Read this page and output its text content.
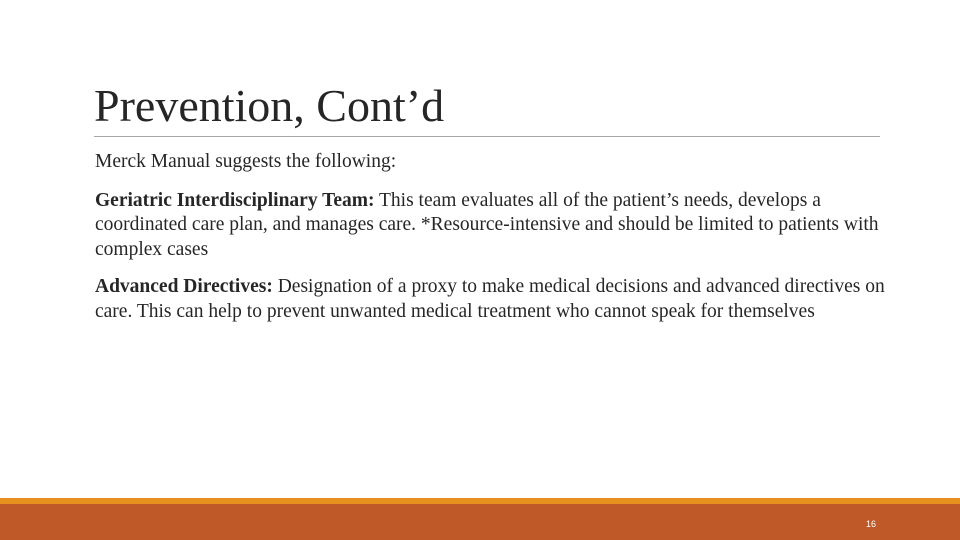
Prevention, Cont’d

Merck Manual suggests the following:

Geriatric Interdisciplinary Team: This team evaluates all of the patient’s needs, develops a coordinated care plan, and manages care. *Resource-intensive and should be limited to patients with complex cases

Advanced Directives: Designation of a proxy to make medical decisions and advanced directives on care. This can help to prevent unwanted medical treatment who cannot speak for themselves

16
